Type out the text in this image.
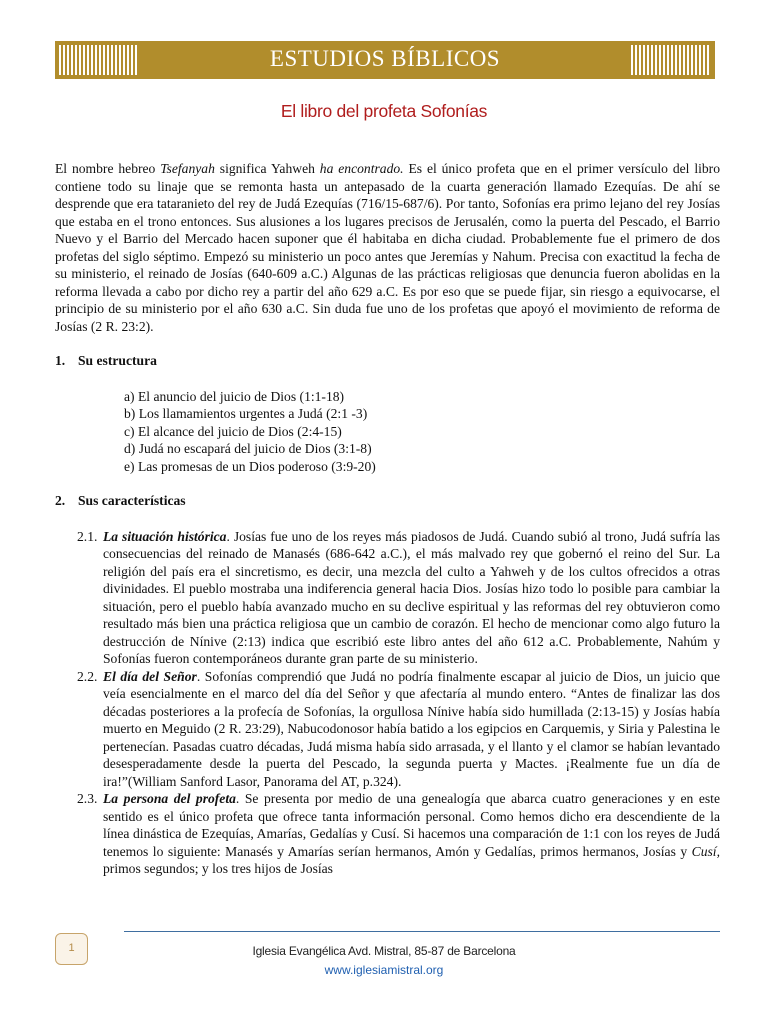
ESTUDIOS BÍBLICOS
El libro del profeta Sofonías

El nombre hebreo Tsefanyah significa Yahweh ha encontrado. Es el único profeta que en el primer versículo del libro contiene todo su linaje que se remonta hasta un antepasado de la cuarta generación llamado Ezequías. De ahí se desprende que era tataranieto del rey de Judá Ezequías (716/15-687/6). Por tanto, Sofonías era primo lejano del rey Josías que estaba en el trono entonces. Sus alusiones a los lugares precisos de Jerusalén, como la puerta del Pescado, el Barrio Nuevo y el Barrio del Mercado hacen suponer que él habitaba en dicha ciudad. Probablemente fue el primero de dos profetas del siglo séptimo. Empezó su ministerio un poco antes que Jeremías y Nahum. Precisa con exactitud la fecha de su ministerio, el reinado de Josías (640-609 a.C.) Algunas de las prácticas religiosas que denuncia fueron abolidas en la reforma llevada a cabo por dicho rey a partir del año 629 a.C. Es por eso que se puede fijar, sin riesgo a equivocarse, el principio de su ministerio por el año 630 a.C. Sin duda fue uno de los profetas que apoyó el movimiento de reforma de Josías (2 R. 23:2).

1. Su estructura
a) El anuncio del juicio de Dios (1:1-18)
b) Los llamamientos urgentes a Judá (2:1 -3)
c) El alcance del juicio de Dios (2:4-15)
d) Judá no escapará del juicio de Dios (3:1-8)
e) Las promesas de un Dios poderoso (3:9-20)
2. Sus características

2.1. La situación histórica. Josías fue uno de los reyes más piadosos de Judá. Cuando subió al trono, Judá sufría las consecuencias del reinado de Manasés (686-642 a.C.), el más malvado rey que gobernó el reino del Sur. La religión del país era el sincretismo, es decir, una mezcla del culto a Yahweh y de los cultos ofrecidos a otras divinidades. El pueblo mostraba una indiferencia general hacia Dios. Josías hizo todo lo posible para cambiar la situación, pero el pueblo había avanzado mucho en su declive espiritual y las reformas del rey obtuvieron como resultado más bien una práctica religiosa que un cambio de corazón. El hecho de mencionar como algo futuro la destrucción de Nínive (2:13) indica que escribió este libro antes del año 612 a.C. Probablemente, Nahúm y Sofonías fueron contemporáneos durante gran parte de su ministerio.

2.2. El día del Señor. Sofonías comprendió que Judá no podría finalmente escapar al juicio de Dios, un juicio que veía esencialmente en el marco del día del Señor y que afectaría al mundo entero. “Antes de finalizar las dos décadas posteriores a la profecía de Sofonías, la orgullosa Nínive había sido humillada (2:13-15) y Josías había muerto en Meguido (2 R. 23:29), Nabucodonosor había batido a los egipcios en Carquemis, y Siria y Palestina le pertenecían. Pasadas cuatro décadas, Judá misma había sido arrasada, y el llanto y el clamor se habían levantado desesperadamente desde la puerta del Pescado, la segunda puerta y Mactes. ¡Realmente fue un día de ira!”(William Sanford Lasor, Panorama del AT, p.324).

2.3. La persona del profeta. Se presenta por medio de una genealogía que abarca cuatro generaciones y en este sentido es el único profeta que ofrece tanta información personal. Como hemos dicho era descendiente de la línea dinástica de Ezequías, Amarías, Gedalías y Cusí. Si hacemos una comparación de 1:1 con los reyes de Judá tenemos lo siguiente: Manasés y Amarías serían hermanos, Amón y Gedalías, primos hermanos, Josías y Cusí, primos segundos; y los tres hijos de Josías

1	Iglesia Evangélica Avd. Mistral, 85-87 de Barcelona
www.iglesiamistral.org
